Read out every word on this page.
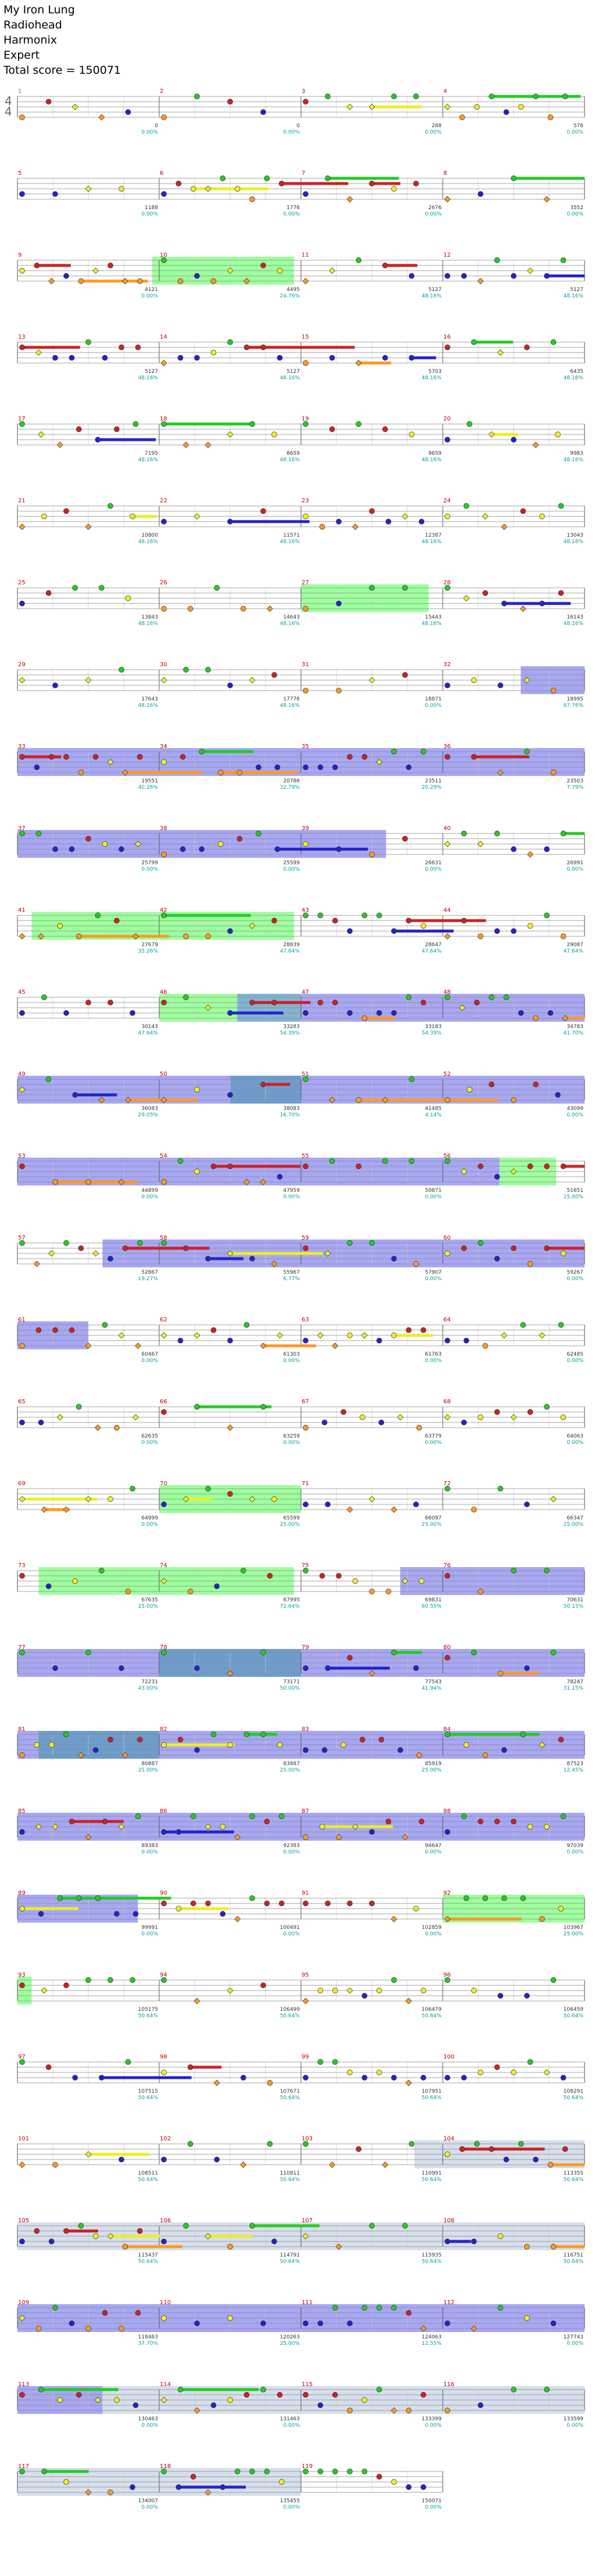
My Iron Lung
Radiohead
Harmonix
Expert
Total score = 150071
4
4
1
0
0.00%
2
0
0.00%
3
288
0.00%
4
576
0.00%
5
1188
0.00%
6
1776
0.00%
7
2676
0.00%
8
3552
0.00%
9
4121
0.00%
10
4495
24.76%
11
5127
48.16%
12
5127
48.16%
13
5127
48.16%
14
5127
48.16%
15
5703
48.16%
16
6435
48.16%
17
7195
48.16%
18
8659
48.16%
19
9659
48.16%
20
9983
48.16%
21
10800
48.16%
22
11571
48.16%
23
12387
48.16%
24
13043
48.16%
25
13843
48.16%
26
14643
48.16%
27
15443
48.16%
28
16143
48.16%
29
17643
48.16%
30
17776
48.16%
31
18871
0.00%
32
18995
67.76%
33
19551
40.26%
34
20786
32.79%
35
23511
20.29%
36
23503
7.79%
37
25799
0.00%
38
25599
0.00%
39
26631
0.00%
40
26991
0.00%
41
27679
35.26%
42
28839
47.64%
43
28647
47.64%
44
29087
47.64%
45
30143
47.64%
46
33283
54.39%
47
33183
54.39%
48
34783
41.70%
49
36083
29.05%
50
38083
16.70%
51
41485
4.14%
52
43099
0.00%
53
44899
0.00%
54
47959
0.00%
55
50871
0.00%
56
51651
25.00%
57
52867
19.27%
58
55967
6.77%
59
57907
0.00%
60
59267
0.00%
61
60467
0.00%
62
61303
0.00%
63
61763
0.00%
64
62485
0.00%
65
62635
0.00%
66
63259
0.00%
67
63779
0.00%
68
64063
0.00%
69
64999
0.00%
70
65599
25.00%
71
66097
25.00%
72
66347
25.00%
73
67635
25.00%
74
67995
72.64%
75
69831
60.55%
76
70631
50.15%
77
72231
43.00%
78
73171
50.00%
79
77543
41.94%
80
78247
31.15%
81
80887
25.00%
82
83887
25.00%
83
85919
25.00%
84
87523
12.45%
85
89383
0.00%
86
92383
0.00%
87
94647
0.00%
88
97039
0.00%
89
99991
0.00%
90
100491
0.00%
91
102859
0.00%
92
103967
25.00%
93
105175
50.64%
94
106499
50.64%
95
106479
50.64%
96
106459
50.64%
97
107515
50.64%
98
107671
50.64%
99
107951
50.64%
100
108291
50.64%
101
108511
50.64%
102
110811
50.64%
103
110991
50.64%
104
113355
50.64%
105
115437
50.64%
106
114791
50.64%
107
115935
50.64%
108
116751
50.64%
109
118463
37.70%
110
120263
25.00%
111
124063
12.55%
112
127743
0.00%
113
130463
0.00%
114
131463
0.00%
115
133399
0.00%
116
133599
0.00%
117
134007
0.00%
118
135455
0.00%
119
150071
0.00%
